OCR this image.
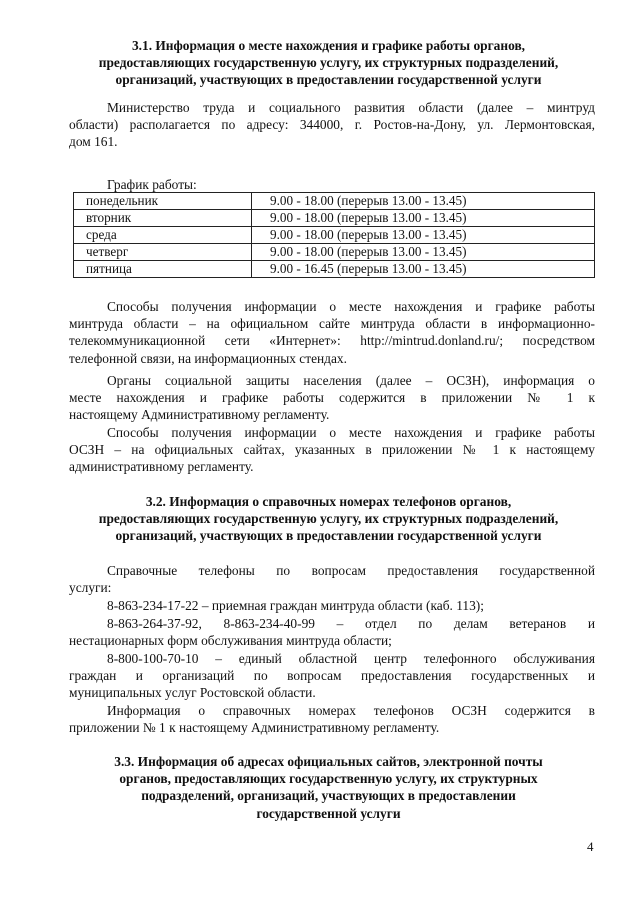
3.1. Информация о месте нахождения и графике работы органов,
предоставляющих государственную услугу, их структурных подразделений,
организаций, участвующих в предоставлении государственной услуги
Министерство труда и социального развития области (далее – минтруд
области) располагается по адресу: 344000, г. Ростов-на-Дону, ул. Лермонтовская,
дом 161.
График работы:
понедельник	9.00 - 18.00 (перерыв 13.00 - 13.45)
вторник	9.00 - 18.00 (перерыв 13.00 - 13.45)
среда	9.00 - 18.00 (перерыв 13.00 - 13.45)
четверг	9.00 - 18.00 (перерыв 13.00 - 13.45)
пятница	9.00 - 16.45 (перерыв 13.00 - 13.45)
Способы получения информации о месте нахождения и графике работы
минтруда области – на официальном сайте минтруда области в информационно-
телекоммуникационной сети «Интернет»: http://mintrud.donland.ru/; посредством
телефонной связи, на информационных стендах.
Органы социальной защиты населения (далее – ОСЗН), информация о
месте нахождения и графике работы содержится в приложении № 1 к
настоящему Административному регламенту.
Способы получения информации о месте нахождения и графике работы
ОСЗН – на официальных сайтах, указанных в приложении № 1 к настоящему
административному регламенту.
3.2. Информация о справочных номерах телефонов органов,
предоставляющих государственную услугу, их структурных подразделений,
организаций, участвующих в предоставлении государственной услуги
Справочные телефоны по вопросам предоставления государственной
услуги:
8-863-234-17-22 – приемная граждан минтруда области (каб. 113);
8-863-264-37-92, 8-863-234-40-99 – отдел по делам ветеранов и
нестационарных форм обслуживания минтруда области;
8-800-100-70-10 – единый областной центр телефонного обслуживания
граждан и организаций по вопросам предоставления государственных и
муниципальных услуг Ростовской области.
Информация о справочных номерах телефонов ОСЗН содержится в
приложении № 1 к настоящему Административному регламенту.
3.3. Информация об адресах официальных сайтов, электронной почты
органов, предоставляющих государственную услугу, их структурных
подразделений, организаций, участвующих в предоставлении
государственной услуги
4
